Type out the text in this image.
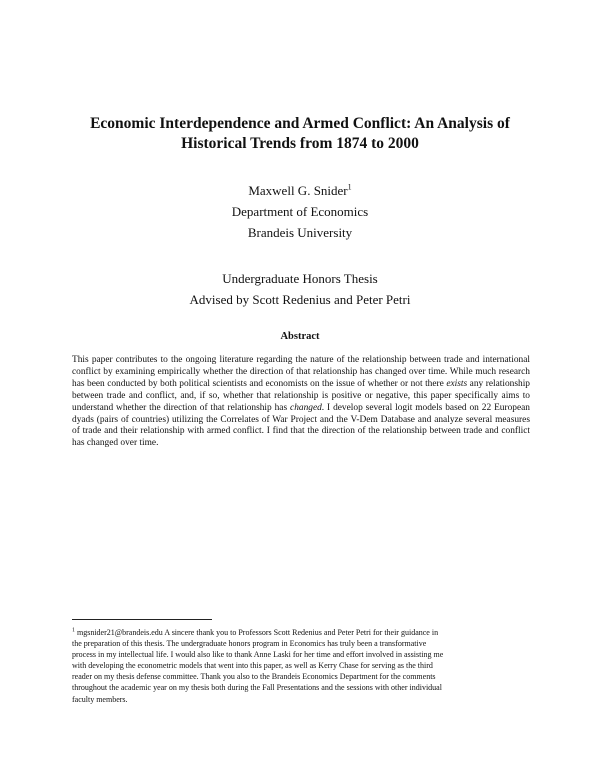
Economic Interdependence and Armed Conflict: An Analysis of
Historical Trends from 1874 to 2000
Maxwell G. Snider$^1$
Department of Economics
Brandeis University
Undergraduate Honors Thesis
Advised by Scott Redenius and Peter Petri
Abstract
This paper contributes to the ongoing literature regarding the nature of the relationship between trade and international conflict by examining empirically whether the direction of that relationship has changed over time. While much research has been conducted by both political scientists and economists on the issue of whether or not there exists any relationship between trade and conflict, and, if so, whether that relationship is positive or negative, this paper specifically aims to understand whether the direction of that relationship has changed. I develop several logit models based on 22 European dyads (pairs of countries) utilizing the Correlates of War Project and the V-Dem Database and analyze several measures of trade and their relationship with armed conflict. I find that the direction of the relationship between trade and conflict has changed over time.
$^1$ mgsnider21@brandeis.edu A sincere thank you to Professors Scott Redenius and Peter Petri for their guidance in
the preparation of this thesis. The undergraduate honors program in Economics has truly been a transformative
process in my intellectual life. I would also like to thank Anne Laski for her time and effort involved in assisting me
with developing the econometric models that went into this paper, as well as Kerry Chase for serving as the third
reader on my thesis defense committee. Thank you also to the Brandeis Economics Department for the comments
throughout the academic year on my thesis both during the Fall Presentations and the sessions with other individual
faculty members.
